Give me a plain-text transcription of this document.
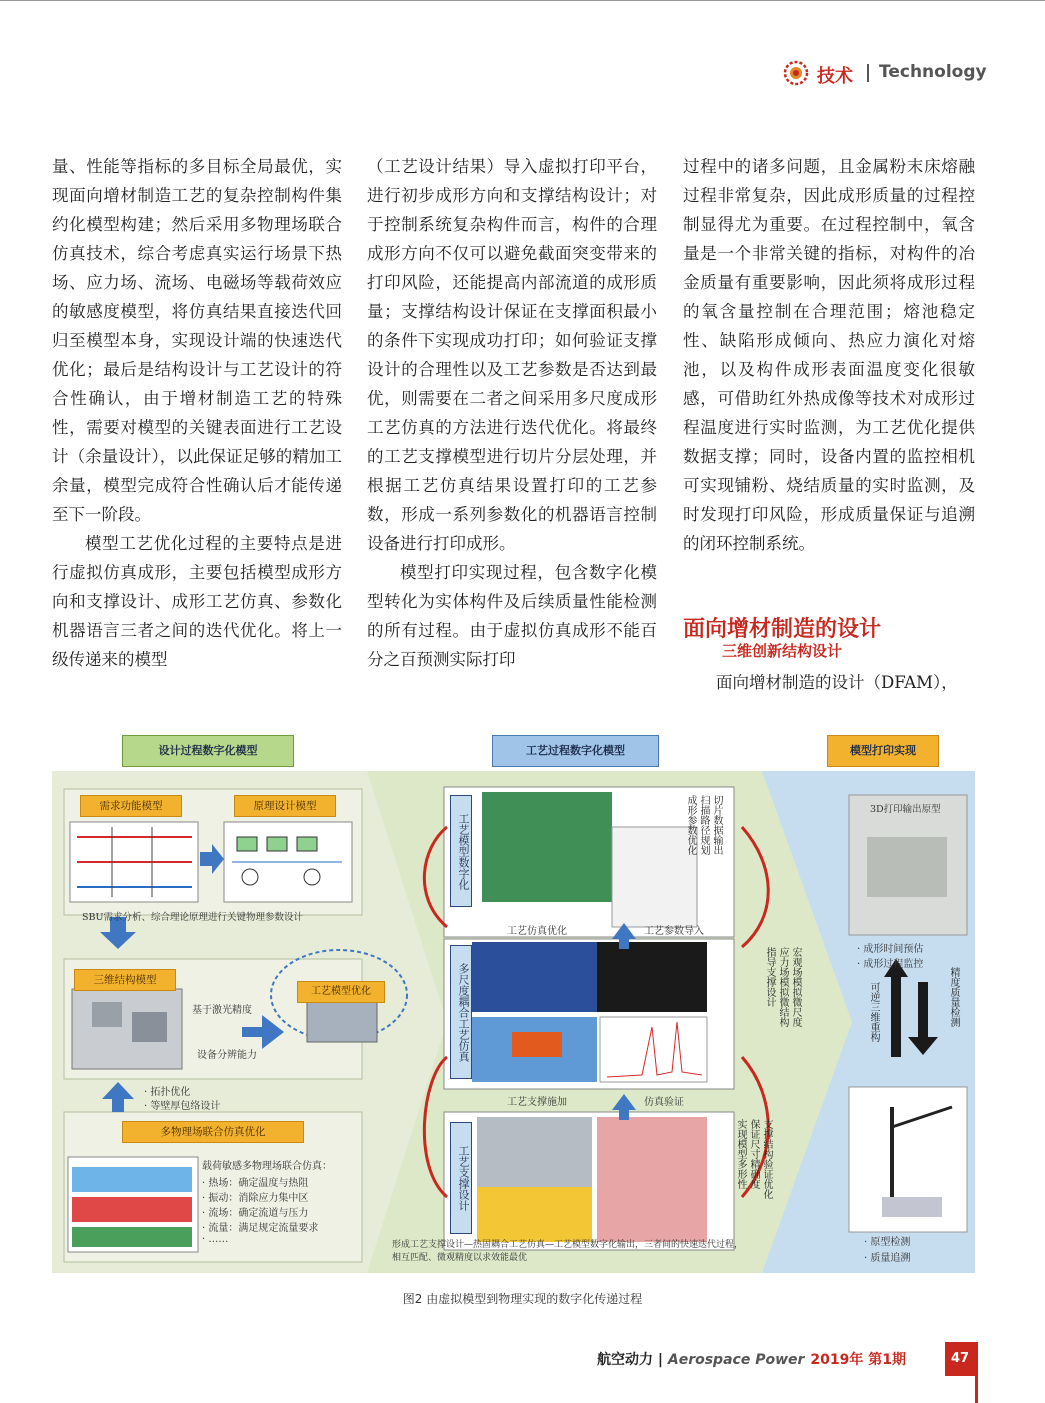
技术 Technology

量、性能等指标的多目标全局最优，实现面向增材制造工艺的复杂控制构件集约化模型构建；然后采用多物理场联合仿真技术，综合考虑真实运行场景下热场、应力场、流场、电磁场等载荷效应的敏感度模型，将仿真结果直接迭代回归至模型本身，实现设计端的快速迭代优化；最后是结构设计与工艺设计的符合性确认，由于增材制造工艺的特殊性，需要对模型的关键表面进行工艺设计（余量设计），以此保证足够的精加工余量，模型完成符合性确认后才能传递至下一阶段。

模型工艺优化过程的主要特点是进行虚拟仿真成形，主要包括模型成形方向和支撑设计、成形工艺仿真、参数化机器语言三者之间的迭代优化。将上一级传递来的模型

（工艺设计结果）导入虚拟打印平台，进行初步成形方向和支撑结构设计；对于控制系统复杂构件而言，构件的合理成形方向不仅可以避免截面突变带来的打印风险，还能提高内部流道的成形质量；支撑结构设计保证在支撑面积最小的条件下实现成功打印；如何验证支撑设计的合理性以及工艺参数是否达到最优，则需要在二者之间采用多尺度成形工艺仿真的方法进行迭代优化。将最终的工艺支撑模型进行切片分层处理，并根据工艺仿真结果设置打印的工艺参数，形成一系列参数化的机器语言控制设备进行打印成形。

模型打印实现过程，包含数字化模型转化为实体构件及后续质量性能检测的所有过程。由于虚拟仿真成形不能百分之百预测实际打印

过程中的诸多问题，且金属粉末床熔融过程非常复杂，因此成形质量的过程控制显得尤为重要。在过程控制中，氧含量是一个非常关键的指标，对构件的冶金质量有重要影响，因此须将成形过程的氧含量控制在合理范围；熔池稳定性、缺陷形成倾向、热应力演化对熔池，以及构件成形表面温度变化很敏感，可借助红外热成像等技术对成形过程温度进行实时监测，为工艺优化提供数据支撑；同时，设备内置的监控相机可实现铺粉、烧结质量的实时监测，及时发现打印风险，形成质量保证与追溯的闭环控制系统。

面向增材制造的设计
三维创新结构设计
面向增材制造的设计（DFAM），
设计过程数字化模型	工艺过程数字化模型	模型打印实现
需求功能模型	原理设计模型
SBU需求分析、综合理论原理进行关键物理参数设计
三维结构模型
基于激光精度
设备分辨能力
工艺模型优化
· 拓扑优化
· 等壁厚包络设计
多物理场联合仿真优化
载荷敏感多物理场联合仿真：
· 热场：确定温度与热阻
· 振动：消除应力集中区
· 流场：确定流道与压力
· 流量：满足规定流量要求
· ……
工艺模型数字化
多尺度耦合工艺仿真
工艺支撑设计
切片数据输出
扫描路径规划
成形参数优化
宏观场模拟微尺度
应力场模拟微结构
指导支撑设计
支撑结构验证优化
保证尺寸精确度
实现模型多形性
工艺仿真优化	工艺参数导入
工艺支撑施加	仿真验证
形成工艺支撑设计—热固耦合工艺仿真—工艺模型数字化输出，三者间的快速迭代过程，相互匹配、微观精度以求效能最优
3D打印输出原型
· 成形时间预估
· 成形过程监控
可逆三维重构	精度质量检测
· 原型检测
· 质量追溯
图2 由虚拟模型到物理实现的数字化传递过程
航空动力 | Aerospace Power 2019年 第1期	47
